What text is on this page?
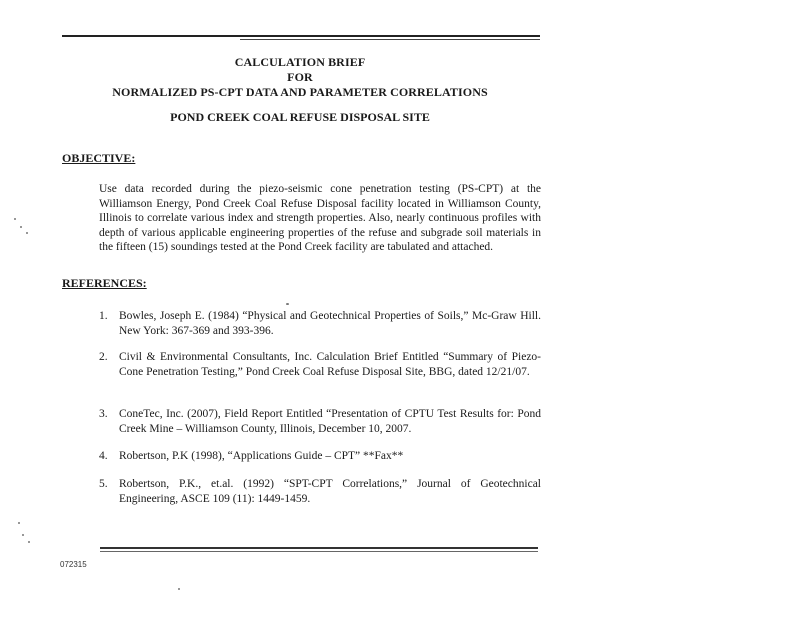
CALCULATION BRIEF
FOR
NORMALIZED PS-CPT DATA AND PARAMETER CORRELATIONS
POND CREEK COAL REFUSE DISPOSAL SITE
OBJECTIVE:
Use data recorded during the piezo-seismic cone penetration testing (PS-CPT) at the Williamson Energy, Pond Creek Coal Refuse Disposal facility located in Williamson County, Illinois to correlate various index and strength properties. Also, nearly continuous profiles with depth of various applicable engineering properties of the refuse and subgrade soil materials in the fifteen (15) soundings tested at the Pond Creek facility are tabulated and attached.
REFERENCES:
1. Bowles, Joseph E. (1984) “Physical and Geotechnical Properties of Soils,” Mc-Graw Hill. New York: 367-369 and 393-396.
2. Civil & Environmental Consultants, Inc. Calculation Brief Entitled “Summary of Piezo-Cone Penetration Testing,” Pond Creek Coal Refuse Disposal Site, BBG, dated 12/21/07.
3. ConeTec, Inc. (2007), Field Report Entitled “Presentation of CPTU Test Results for: Pond Creek Mine – Williamson County, Illinois, December 10, 2007.
4. Robertson, P.K (1998), “Applications Guide – CPT” **Fax**
5. Robertson, P.K., et.al. (1992) “SPT-CPT Correlations,” Journal of Geotechnical Engineering, ASCE 109 (11): 1449-1459.
072315
